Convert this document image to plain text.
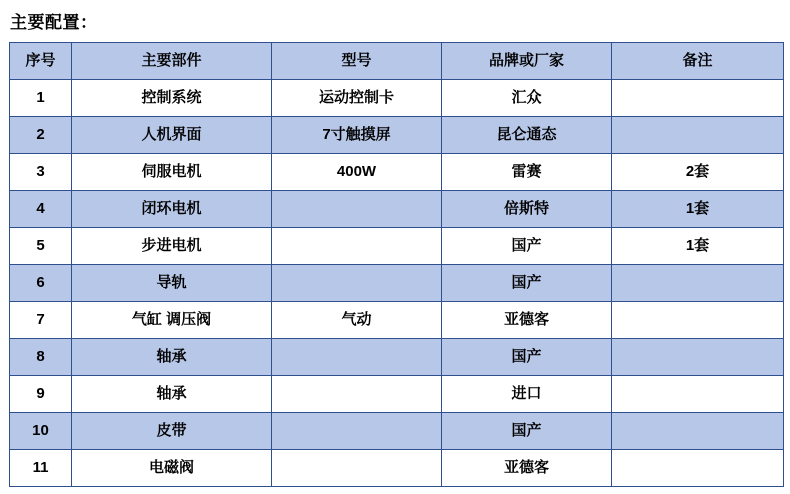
主要配置：
序号	主要部件	型号	品牌或厂家	备注
1	控制系统	运动控制卡	汇众	
2	人机界面	7寸触摸屏	昆仑通态	
3	伺服电机	400W	雷赛	2套
4	闭环电机		倍斯特	1套
5	步进电机		国产	1套
6	导轨		国产	
7	气缸 调压阀	气动	亚德客	
8	轴承		国产	
9	轴承		进口	
10	皮带		国产	
11	电磁阀		亚德客	
